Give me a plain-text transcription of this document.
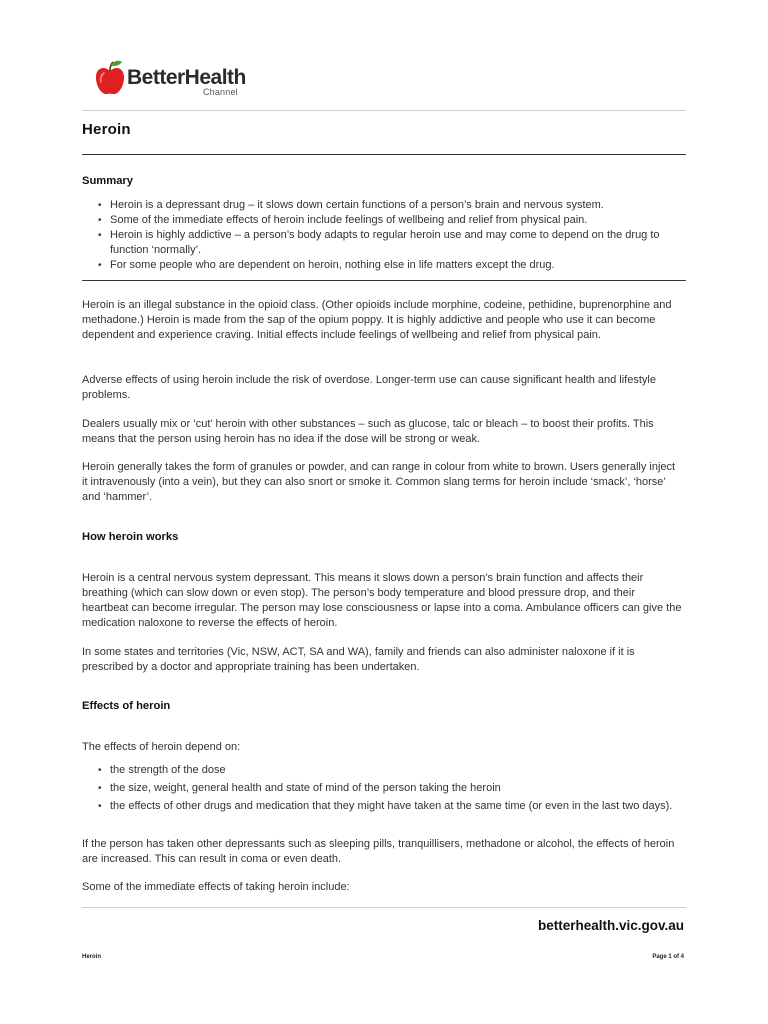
BetterHealth
Channel
Heroin
Summary
• Heroin is a depressant drug – it slows down certain functions of a person’s brain and nervous system.
• Some of the immediate effects of heroin include feelings of wellbeing and relief from physical pain.
• Heroin is highly addictive – a person’s body adapts to regular heroin use and may come to depend on the drug to function ‘normally’.
• For some people who are dependent on heroin, nothing else in life matters except the drug.

Heroin is an illegal substance in the opioid class. (Other opioids include morphine, codeine, pethidine, buprenorphine and methadone.) Heroin is made from the sap of the opium poppy. It is highly addictive and people who use it can become dependent and experience craving. Initial effects include feelings of wellbeing and relief from physical pain.

Adverse effects of using heroin include the risk of overdose. Longer-term use can cause significant health and lifestyle problems.

Dealers usually mix or ‘cut’ heroin with other substances – such as glucose, talc or bleach – to boost their profits. This means that the person using heroin has no idea if the dose will be strong or weak.

Heroin generally takes the form of granules or powder, and can range in colour from white to brown. Users generally inject it intravenously (into a vein), but they can also snort or smoke it. Common slang terms for heroin include ‘smack’, ‘horse’ and ‘hammer’.

How heroin works

Heroin is a central nervous system depressant. This means it slows down a person’s brain function and affects their breathing (which can slow down or even stop). The person’s body temperature and blood pressure drop, and their heartbeat can become irregular. The person may lose consciousness or lapse into a coma. Ambulance officers can give the medication naloxone to reverse the effects of heroin.

In some states and territories (Vic, NSW, ACT, SA and WA), family and friends can also administer naloxone if it is prescribed by a doctor and appropriate training has been undertaken.

Effects of heroin

The effects of heroin depend on:

• the strength of the dose
• the size, weight, general health and state of mind of the person taking the heroin
• the effects of other drugs and medication that they might have taken at the same time (or even in the last two days).

If the person has taken other depressants such as sleeping pills, tranquillisers, methadone or alcohol, the effects of heroin are increased. This can result in coma or even death.

Some of the immediate effects of taking heroin include:

betterhealth.vic.gov.au
Heroin	Page 1 of 4
